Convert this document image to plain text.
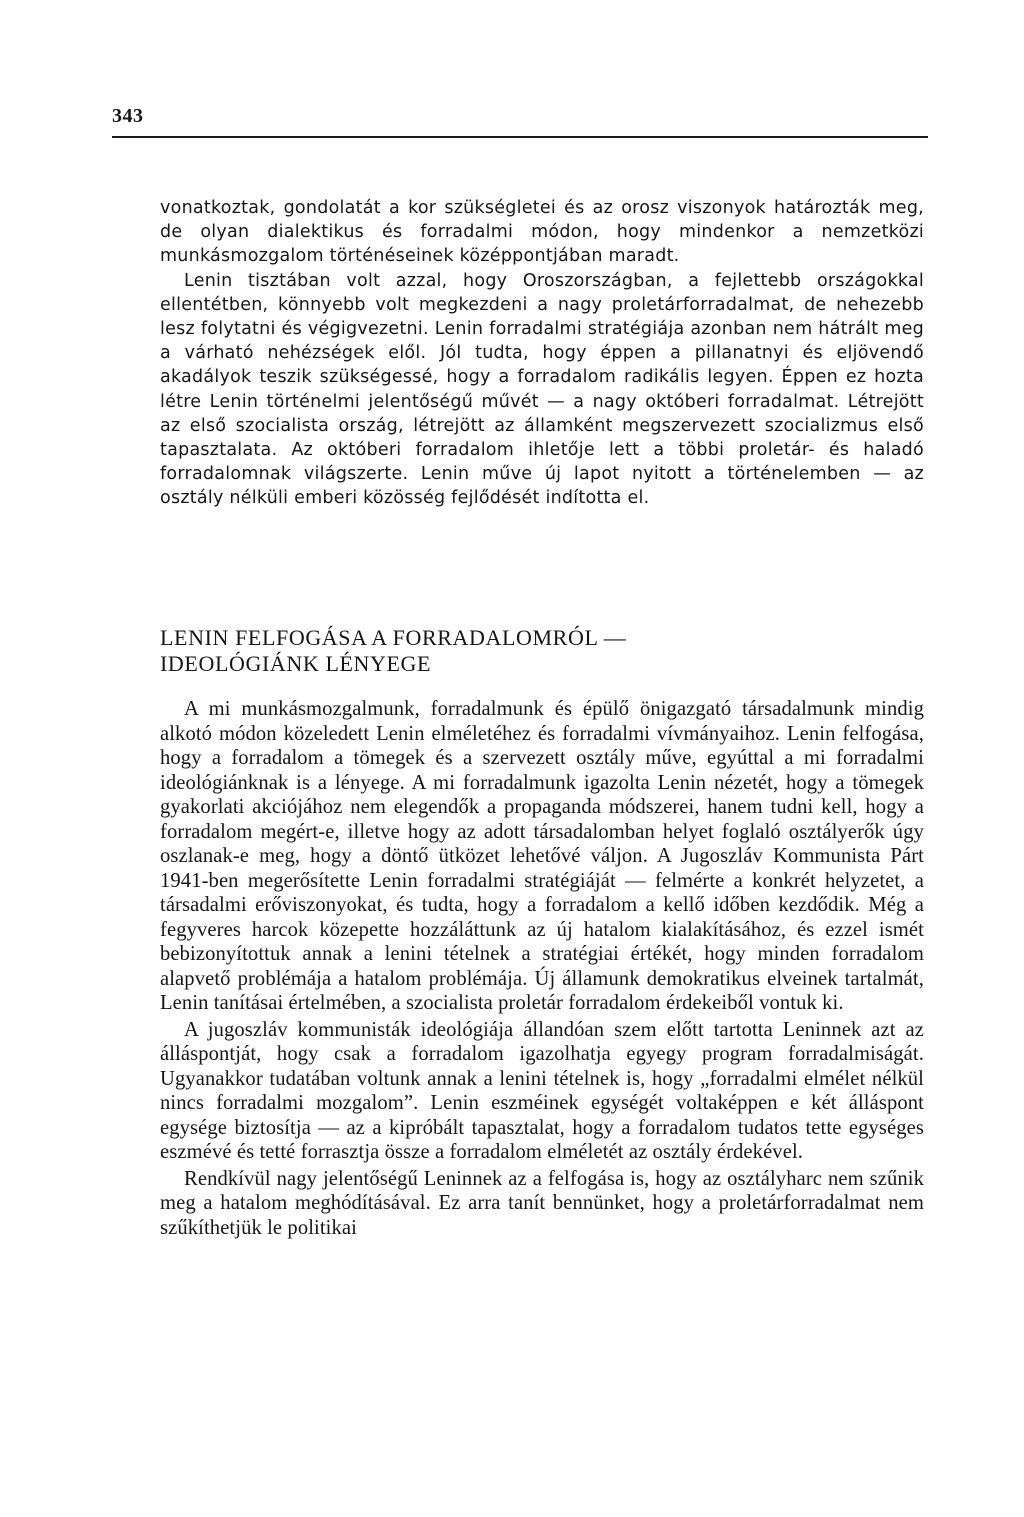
343

vonatkoztak, gondolatát a kor szükségletei és az orosz viszonyok határozták meg, de olyan dialektikus és forradalmi módon, hogy mindenkor a nemzetközi munkásmozgalom történéseinek középpontjában maradt.

Lenin tisztában volt azzal, hogy Oroszországban, a fejlettebb országokkal ellentétben, könnyebb volt megkezdeni a nagy proletárforradalmat, de nehezebb lesz folytatni és végigvezetni. Lenin forradalmi stratégiája azonban nem hátrált meg a várható nehézségek elől. Jól tudta, hogy éppen a pillanatnyi és eljövendő akadályok teszik szükségessé, hogy a forradalom radikális legyen. Éppen ez hozta létre Lenin történelmi jelentőségű művét — a nagy októberi forradalmat. Létrejött az első szocialista ország, létrejött az államként megszervezett szocializmus első tapasztalata. Az októberi forradalom ihletője lett a többi proletár- és haladó forradalomnak világszerte. Lenin műve új lapot nyitott a történelemben — az osztály nélküli emberi közösség fejlődését indította el.

LENIN FELFOGÁSA A FORRADALOMRÓL —
IDEOLÓGIÁNK LÉNYEGE

A mi munkásmozgalmunk, forradalmunk és épülő önigazgató társadalmunk mindig alkotó módon közeledett Lenin elméletéhez és forradalmi vívmányaihoz. Lenin felfogása, hogy a forradalom a tömegek és a szervezett osztály műve, egyúttal a mi forradalmi ideológiánknak is a lényege. A mi forradalmunk igazolta Lenin nézetét, hogy a tömegek gyakorlati akciójához nem elegendők a propaganda módszerei, hanem tudni kell, hogy a forradalom megért-e, illetve hogy az adott társadalomban helyet foglaló osztályerők úgy oszlanak-e meg, hogy a döntő ütközet lehetővé váljon. A Jugoszláv Kommunista Párt 1941-ben megerősítette Lenin forradalmi stratégiáját — felmérte a konkrét helyzetet, a társadalmi erőviszonyokat, és tudta, hogy a forradalom a kellő időben kezdődik. Még a fegyveres harcok közepette hozzáláttunk az új hatalom kialakításához, és ezzel ismét bebizonyítottuk annak a lenini tételnek a stratégiai értékét, hogy minden forradalom alapvető problémája a hatalom problémája. Új államunk demokratikus elveinek tartalmát, Lenin tanításai értelmében, a szocialista proletár forradalom érdekeiből vontuk ki.

A jugoszláv kommunisták ideológiája állandóan szem előtt tartotta Leninnek azt az álláspontját, hogy csak a forradalom igazolhatja egyegy program forradalmiságát. Ugyanakkor tudatában voltunk annak a lenini tételnek is, hogy „forradalmi elmélet nélkül nincs forradalmi mozgalom”. Lenin eszméinek egységét voltaképpen e két álláspont egysége biztosítja — az a kipróbált tapasztalat, hogy a forradalom tudatos tette egységes eszmévé és tetté forrasztja össze a forradalom elméletét az osztály érdekével.

Rendkívül nagy jelentőségű Leninnek az a felfogása is, hogy az osztályharc nem szűnik meg a hatalom meghódításával. Ez arra tanít bennünket, hogy a proletárforradalmat nem szűkíthetjük le politikai
